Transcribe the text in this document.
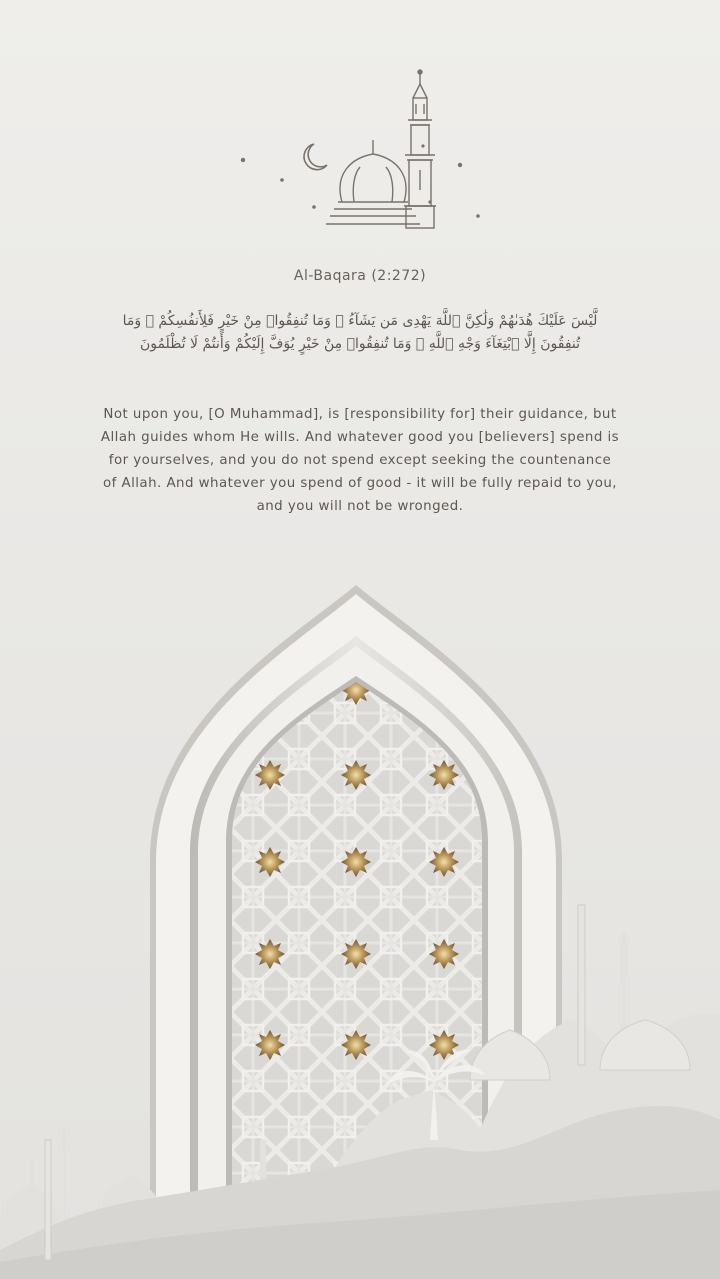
Al-Baqara (2:272)
لَّيْسَ عَلَيْكَ هُدَىٰهُمْ وَلَٰكِنَّ ٱللَّهَ يَهْدِى مَن يَشَآءُ ۗ وَمَا تُنفِقُوا۟ مِنْ خَيْرٍ فَلِأَنفُسِكُمْ ۚ وَمَا تُنفِقُونَ إِلَّا ٱبْتِغَآءَ وَجْهِ ٱللَّهِ ۚ وَمَا تُنفِقُوا۟ مِنْ خَيْرٍ يُوَفَّ إِلَيْكُمْ وَأَنتُمْ لَا تُظْلَمُونَ
Not upon you, [O Muhammad], is [responsibility for] their guidance, but Allah guides whom He wills. And whatever good you [believers] spend is for yourselves, and you do not spend except seeking the countenance of Allah. And whatever you spend of good - it will be fully repaid to you, and you will not be wronged.
